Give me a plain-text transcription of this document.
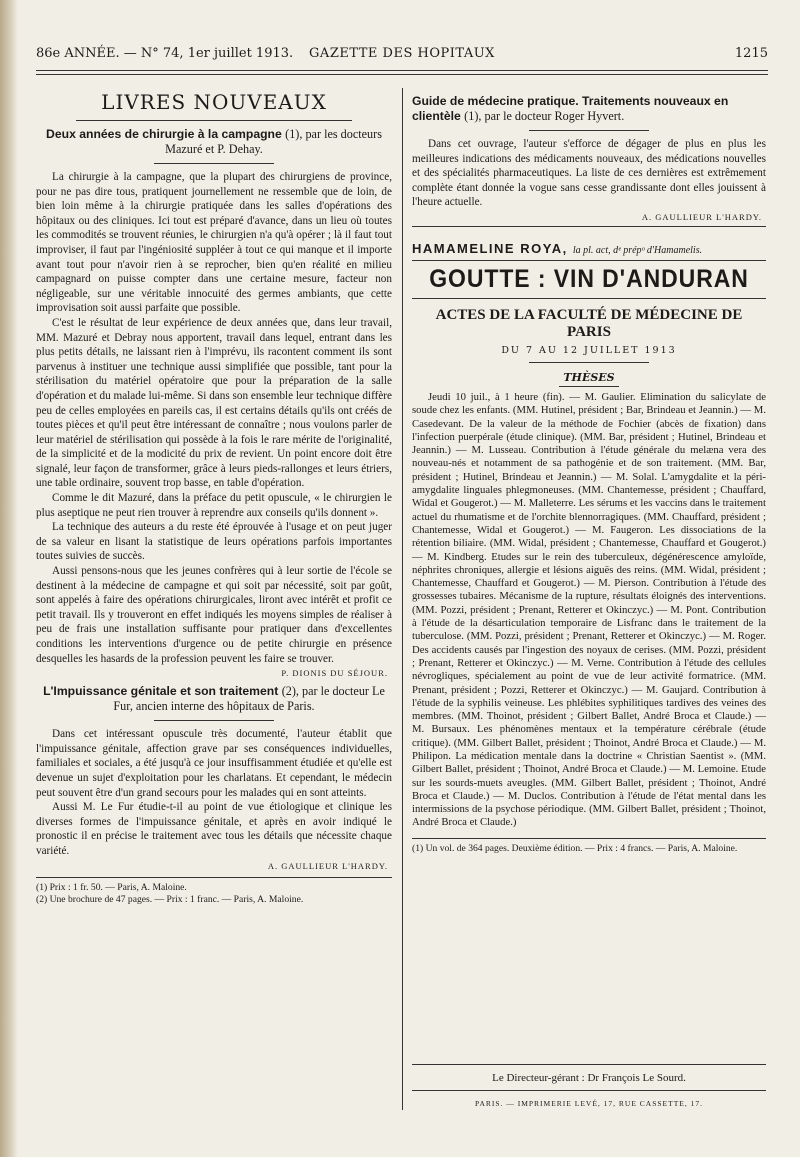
86e ANNÉE. — N° 74, 1er juillet 1913.	GAZETTE DES HOPITAUX	1215
LIVRES NOUVEAUX
Deux années de chirurgie à la campagne (1), par les docteurs Mazuré et P. Dehay.

La chirurgie à la campagne, que la plupart des chirurgiens de province, pour ne pas dire tous, pratiquent journellement ne ressemble que de loin, de bien loin même à la chirurgie pratiquée dans les salles d'opérations des hôpitaux ou des cliniques. Ici tout est préparé d'avance, dans un lieu où toutes les commodités se trouvent réunies, le chirurgien n'a qu'à opérer ; là il faut tout improviser, il faut par l'ingéniosité suppléer à tout ce qui manque et il importe avant tout pour n'avoir rien à se reprocher, bien qu'en réalité en milieu campagnard on puisse compter dans une certaine mesure, facteur non négligeable, sur une véritable innocuité des germes ambiants, que cette improvisation soit aussi parfaite que possible.

C'est le résultat de leur expérience de deux années que, dans leur travail, MM. Mazuré et Debray nous apportent, travail dans lequel, entrant dans les plus petits détails, ne laissant rien à l'imprévu, ils racontent comment ils sont parvenus à instituer une technique aussi simplifiée que possible, tant pour la stérilisation du matériel opératoire que pour la préparation de la salle d'opération et du malade lui-même. Si dans son ensemble leur technique diffère peu de celles employées en pareils cas, il est certains détails qu'ils ont créés de toutes pièces et qu'il peut être intéressant de connaître ; nous voulons parler de leur matériel de stérilisation qui possède à la fois le rare mérite de l'originalité, de la simplicité et de la modicité du prix de revient. Un point encore doit être signalé, leur façon de transformer, grâce à leurs pieds-rallonges et leurs étriers, une table ordinaire, souvent trop basse, en table d'opération.

Comme le dit Mazuré, dans la préface du petit opuscule, « le chirurgien le plus aseptique ne peut rien trouver à reprendre aux conseils qu'ils donnent ».

La technique des auteurs a du reste été éprouvée à l'usage et on peut juger de sa valeur en lisant la statistique de leurs opérations parfois importantes toutes suivies de succès.

Aussi pensons-nous que les jeunes confrères qui à leur sortie de l'école se destinent à la médecine de campagne et qui soit par nécessité, soit par goût, sont appelés à faire des opérations chirurgicales, liront avec intérêt et profit ce petit travail. Ils y trouveront en effet indiqués les moyens simples de réaliser à peu de frais une installation suffisante pour pratiquer dans d'excellentes conditions les interventions d'urgence ou de petite chirurgie en présence desquelles les hasards de la profession peuvent les faire se trouver.

P. DIONIS DU SÉJOUR.
L'Impuissance génitale et son traitement (2), par le docteur Le Fur, ancien interne des hôpitaux de Paris.

Dans cet intéressant opuscule très documenté, l'auteur établit que l'impuissance génitale, affection grave par ses conséquences individuelles, familiales et sociales, a été jusqu'à ce jour insuffisamment étudiée et qu'elle est devenue un sujet d'exploitation pour les charlatans. Et cependant, le médecin peut souvent être d'un grand secours pour les malades qui en sont atteints.

Aussi M. Le Fur étudie-t-il au point de vue étiologique et clinique les diverses formes de l'impuissance génitale, et après en avoir indiqué le pronostic il en précise le traitement avec tous les détails que nécessite chaque variété.

A. GAULLIEUR L'HARDY.

(1) Prix : 1 fr. 50. — Paris, A. Maloine.

(2) Une brochure de 47 pages. — Prix : 1 franc. — Paris, A. Maloine.

Guide de médecine pratique. Traitements nouveaux en clientèle (1), par le docteur Roger Hyvert.

Dans cet ouvrage, l'auteur s'efforce de dégager de plus en plus les meilleures indications des médicaments nouveaux, des médications nouvelles et des spécialités pharmaceutiques. La liste de ces dernières est extrêmement complète étant donnée la vogue sans cesse grandissante dont elles jouissent à l'heure actuelle.

A. GAULLIEUR L'HARDY.
HAMAMELINE ROYA, la pl. act, dᵉ prépᵒ d'Hamamelis.
GOUTTE : VIN D'ANDURAN
ACTES DE LA FACULTÉ DE MÉDECINE DE PARIS
DU 7 AU 12 JUILLET 1913
THÈSES

Jeudi 10 juil., à 1 heure (fin). — M. Gaulier. Elimination du salicylate de soude chez les enfants. (MM. Hutinel, président ; Bar, Brindeau et Jeannin.) — M. Casedevant. De la valeur de la méthode de Fochier (abcès de fixation) dans l'infection puerpérale (étude clinique). (MM. Bar, président ; Hutinel, Brindeau et Jeannin.) — M. Lusseau. Contribution à l'étude générale du melæna vera des nouveau-nés et notamment de sa pathogénie et de son traitement. (MM. Bar, président ; Hutinel, Brindeau et Jeannin.) — M. Solal. L'amygdalite et la péri-amygdalite linguales phlegmoneuses. (MM. Chantemesse, président ; Chauffard, Widal et Gougerot.) — M. Malleterre. Les sérums et les vaccins dans le traitement actuel du rhumatisme et de l'orchite blennorragiques. (MM. Chauffard, président ; Chantemesse, Widal et Gougerot.) — M. Faugeron. Les dissociations de la rétention biliaire. (MM. Widal, président ; Chantemesse, Chauffard et Gougerot.) — M. Kindberg. Etudes sur le rein des tuberculeux, dégénérescence amyloïde, néphrites chroniques, allergie et lésions aiguës des reins. (MM. Widal, président ; Chantemesse, Chauffard et Gougerot.) — M. Pierson. Contribution à l'étude des grossesses tubaires. Mécanisme de la rupture, résultats éloignés des interventions. (MM. Pozzi, président ; Prenant, Retterer et Okinczyc.) — M. Pont. Contribution à l'étude de la désarticulation temporaire de Lisfranc dans le traitement de la tuberculose. (MM. Pozzi, président ; Prenant, Retterer et Okinczyc.) — M. Roger. Des accidents causés par l'ingestion des noyaux de cerises. (MM. Pozzi, président ; Prenant, Retterer et Okinczyc.) — M. Verne. Contribution à l'étude des cellules névrogliques, spécialement au point de vue de leur activité formatrice. (MM. Prenant, président ; Pozzi, Retterer et Okinczyc.) — M. Gaujard. Contribution à l'étude de la syphilis veineuse. Les phlébites syphilitiques tardives des veines des membres. (MM. Thoinot, président ; Gilbert Ballet, André Broca et Claude.) — M. Bursaux. Les phénomènes mentaux et la température cérébrale (étude critique). (MM. Gilbert Ballet, président ; Thoinot, André Broca et Claude.) — M. Philipon. La médication mentale dans la doctrine « Christian Saentist ». (MM. Gilbert Ballet, président ; Thoinot, André Broca et Claude.) — M. Lemoine. Etude sur les sourds-muets aveugles. (MM. Gilbert Ballet, président ; Thoinot, André Broca et Claude.) — M. Duclos. Contribution à l'étude de l'état mental dans les intermissions de la psychose périodique. (MM. Gilbert Ballet, président ; Thoinot, André Broca et Claude.)

(1) Un vol. de 364 pages. Deuxième édition. — Prix : 4 francs. — Paris, A. Maloine.

Le Directeur-gérant : Dr François Le Sourd.
PARIS. — IMPRIMERIE LEVÉ, 17, RUE CASSETTE, 17.
